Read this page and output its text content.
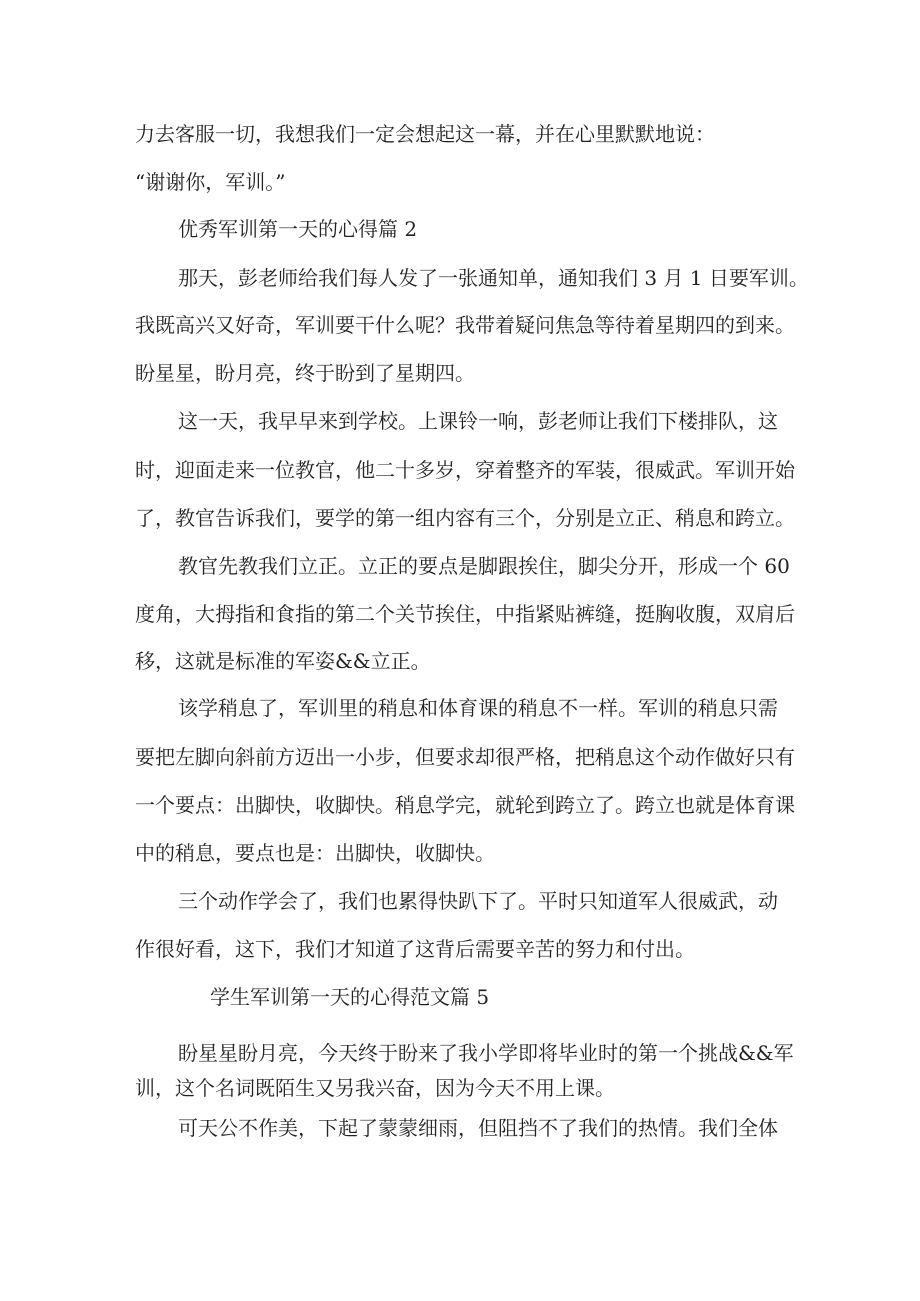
力去客服一切，我想我们一定会想起这一幕，并在心里默默地说：
“谢谢你，军训。”
优秀军训第一天的心得篇 2
那天，彭老师给我们每人发了一张通知单，通知我们 3 月 1 日要军训。
我既高兴又好奇，军训要干什么呢？我带着疑问焦急等待着星期四的到来。
盼星星，盼月亮，终于盼到了星期四。
这一天，我早早来到学校。上课铃一响，彭老师让我们下楼排队，这
时，迎面走来一位教官，他二十多岁，穿着整齐的军装，很威武。军训开始
了，教官告诉我们，要学的第一组内容有三个，分别是立正、稍息和跨立。
教官先教我们立正。立正的要点是脚跟挨住，脚尖分开，形成一个 60
度角，大拇指和食指的第二个关节挨住，中指紧贴裤缝，挺胸收腹，双肩后
移，这就是标准的军姿&&立正。
该学稍息了，军训里的稍息和体育课的稍息不一样。军训的稍息只需
要把左脚向斜前方迈出一小步，但要求却很严格，把稍息这个动作做好只有
一个要点：出脚快，收脚快。稍息学完，就轮到跨立了。跨立也就是体育课
中的稍息，要点也是：出脚快，收脚快。
三个动作学会了，我们也累得快趴下了。平时只知道军人很威武，动
作很好看，这下，我们才知道了这背后需要辛苦的努力和付出。
学生军训第一天的心得范文篇 5
盼星星盼月亮，今天终于盼来了我小学即将毕业时的第一个挑战&&军
训，这个名词既陌生又另我兴奋，因为今天不用上课。
可天公不作美，下起了蒙蒙细雨，但阻挡不了我们的热情。我们全体
